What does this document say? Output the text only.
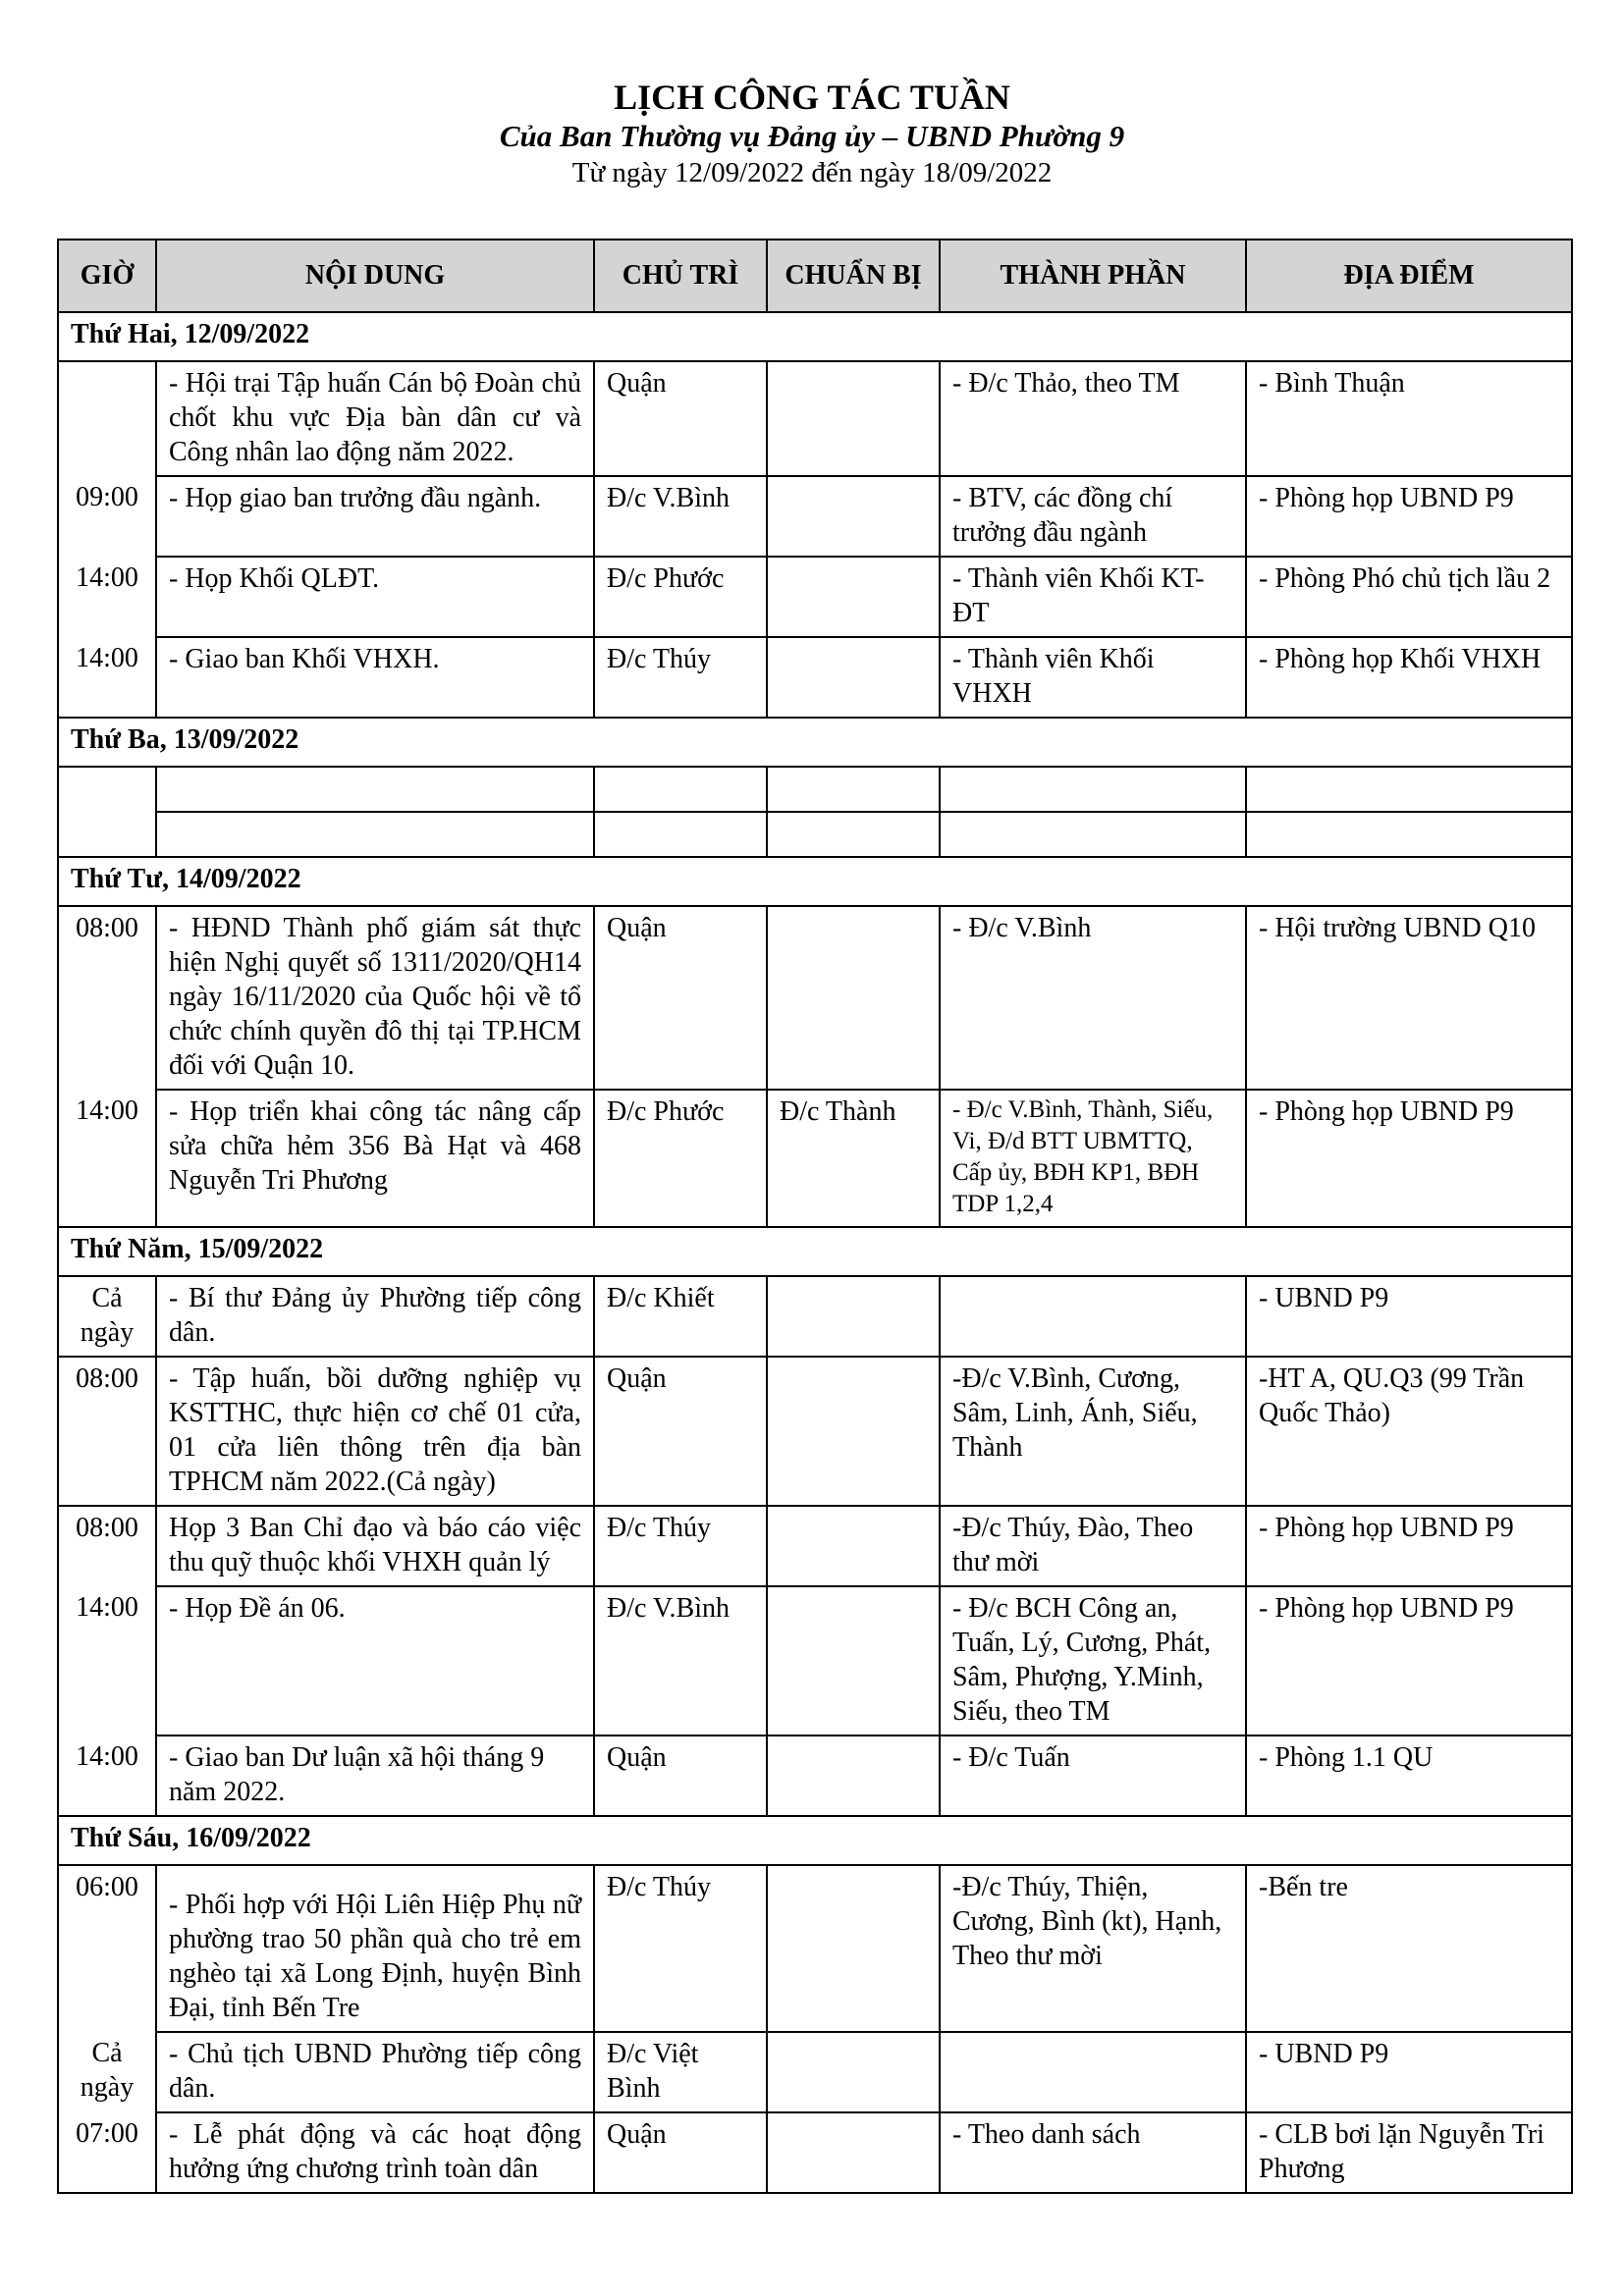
LỊCH CÔNG TÁC TUẦN
Của Ban Thường vụ Đảng ủy – UBND Phường 9
Từ ngày 12/09/2022 đến ngày 18/09/2022
GIỜ	NỘI DUNG	CHỦ TRÌ	CHUẨN BỊ	THÀNH PHẦN	ĐỊA ĐIỂM
Thứ Hai, 12/09/2022					
	- Hội trại Tập huấn Cán bộ Đoàn chủ chốt khu vực Địa bàn dân cư và Công nhân lao động năm 2022.	Quận		- Đ/c Thảo, theo TM	- Bình Thuận
09:00	- Họp giao ban trưởng đầu ngành.	Đ/c V.Bình		- BTV, các đồng chí trưởng đầu ngành	- Phòng họp UBND P9
14:00	- Họp Khối QLĐT.	Đ/c Phước		- Thành viên Khối KT-ĐT	- Phòng Phó chủ tịch lầu 2
14:00	- Giao ban Khối VHXH.	Đ/c Thúy		- Thành viên Khối VHXH	- Phòng họp Khối VHXH
Thứ Ba, 13/09/2022					

Thứ Tư, 14/09/2022					
08:00	- HĐND Thành phố giám sát thực hiện Nghị quyết số 1311/2020/QH14 ngày 16/11/2020 của Quốc hội về tổ chức chính quyền đô thị tại TP.HCM đối với Quận 10.	Quận		- Đ/c V.Bình	- Hội trường UBND Q10
14:00	- Họp triển khai công tác nâng cấp sửa chữa hẻm 356 Bà Hạt và 468 Nguyễn Tri Phương	Đ/c Phước	Đ/c Thành	- Đ/c V.Bình, Thành, Siếu, Vi, Đ/d BTT UBMTTQ, Cấp ủy, BĐH KP1, BĐH TDP 1,2,4	- Phòng họp UBND P9
Thứ Năm, 15/09/2022					
Cả ngày	- Bí thư Đảng ủy Phường tiếp công dân.	Đ/c Khiết			- UBND P9
08:00	- Tập huấn, bồi dưỡng nghiệp vụ KSTTHC, thực hiện cơ chế 01 cửa, 01 cửa liên thông trên địa bàn TPHCM năm 2022.(Cả ngày)	Quận		-Đ/c V.Bình, Cương, Sâm, Linh, Ánh, Siếu, Thành	-HT A, QU.Q3 (99 Trần Quốc Thảo)
08:00	Họp 3 Ban Chỉ đạo và báo cáo việc thu quỹ thuộc khối VHXH quản lý	Đ/c Thúy		-Đ/c Thúy, Đào, Theo thư mời	- Phòng họp UBND P9
14:00	- Họp Đề án 06.	Đ/c V.Bình		- Đ/c BCH Công an, Tuấn, Lý, Cương, Phát, Sâm, Phượng, Y.Minh, Siếu, theo TM	- Phòng họp UBND P9
14:00	- Giao ban Dư luận xã hội tháng 9 năm 2022.	Quận		- Đ/c Tuấn	- Phòng 1.1 QU
Thứ Sáu, 16/09/2022					
06:00	- Phối hợp với Hội Liên Hiệp Phụ nữ phường trao 50 phần quà cho trẻ em nghèo tại xã Long Định, huyện Bình Đại, tỉnh Bến Tre	Đ/c Thúy		-Đ/c Thúy, Thiện, Cương, Bình (kt), Hạnh, Theo thư mời	-Bến tre
Cả ngày	- Chủ tịch UBND Phường tiếp công dân.	Đ/c Việt Bình			- UBND P9
07:00	- Lễ phát động và các hoạt động hưởng ứng chương trình toàn dân	Quận		- Theo danh sách	- CLB bơi lặn Nguyễn Tri Phương
